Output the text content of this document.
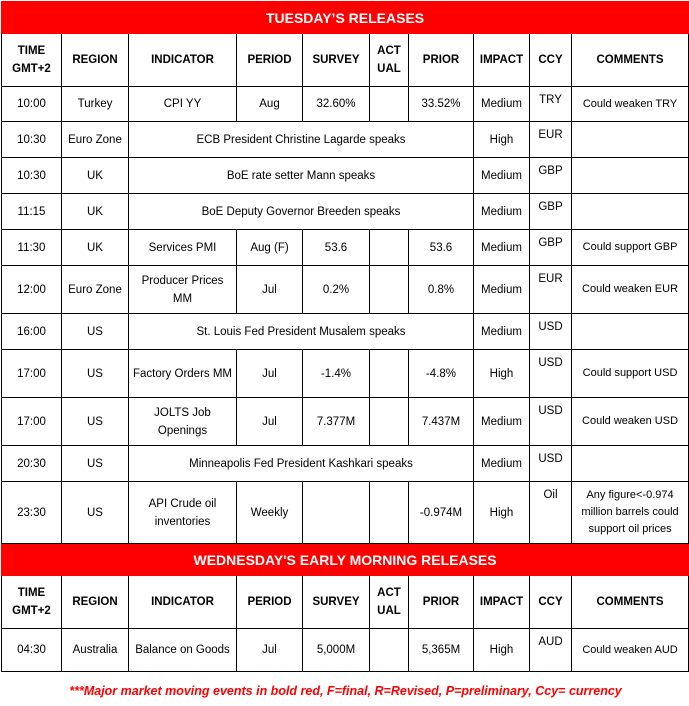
TUESDAY’S RELEASES									
TIME
GMT+2	REGION	INDICATOR	PERIOD	SURVEY	ACT
UAL	PRIOR	IMPACT	CCY	COMMENTS
10:00	Turkey	CPI YY	Aug	32.60%		33.52%	Medium	TRY	Could weaken TRY
10:30	Euro Zone	ECB President Christine Lagarde speaks					High	EUR	
10:30	UK	BoE rate setter Mann speaks					Medium	GBP	
11:15	UK	BoE Deputy Governor Breeden speaks					Medium	GBP	
11:30	UK	Services PMI	Aug (F)	53.6		53.6	Medium	GBP	Could support GBP
12:00	Euro Zone	Producer Prices MM	Jul	0.2%		0.8%	Medium	EUR	Could weaken EUR
16:00	US	St. Louis Fed President Musalem speaks					Medium	USD	
17:00	US	Factory Orders MM	Jul	-1.4%		-4.8%	High	USD	Could support USD
17:00	US	JOLTS Job Openings	Jul	7.377M		7.437M	Medium	USD	Could weaken USD
20:30	US	Minneapolis Fed President Kashkari speaks					Medium	USD	
23:30	US	API Crude oil inventories	Weekly			-0.974M	High	Oil	Any figure<-0.974 million barrels could support oil prices
WEDNESDAY'S EARLY MORNING RELEASES									
TIME
GMT+2	REGION	INDICATOR	PERIOD	SURVEY	ACT
UAL	PRIOR	IMPACT	CCY	COMMENTS
04:30	Australia	Balance on Goods	Jul	5,000M		5,365M	High	AUD	Could weaken AUD
***Major market moving events in bold red, F=final, R=Revised, P=preliminary, Ccy= currency
